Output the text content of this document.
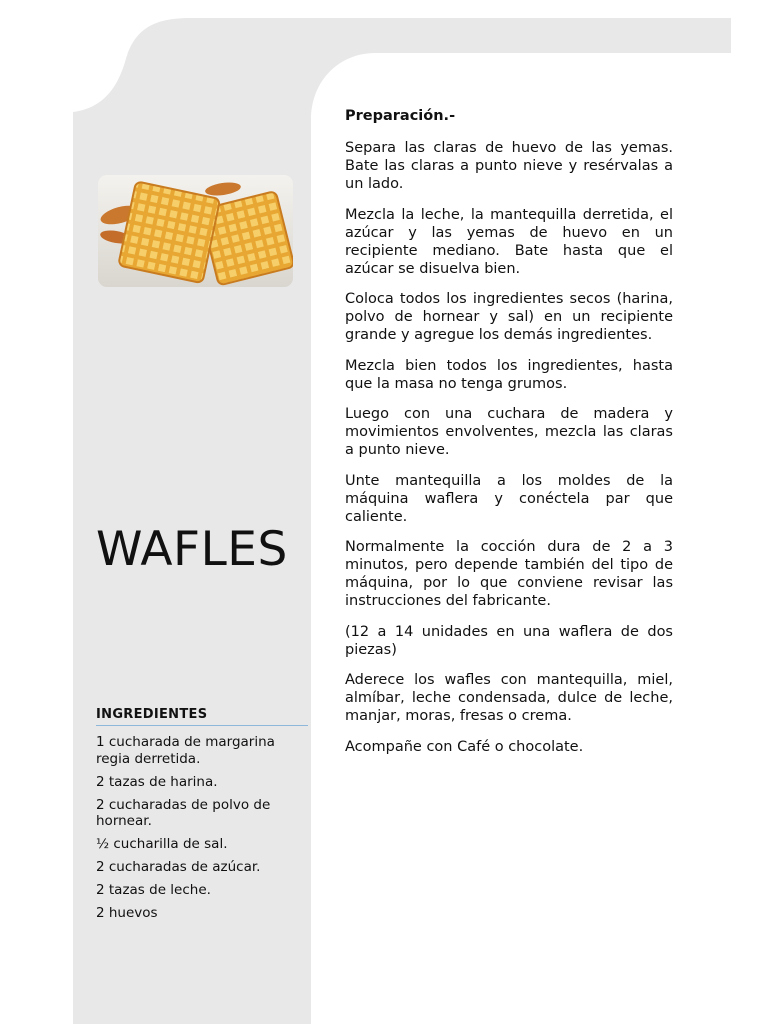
WAFLES
INGREDIENTES
1 cucharada de margarina regia derretida.
2 tazas de harina.
2 cucharadas de polvo de hornear.
½ cucharilla de sal.
2 cucharadas de azúcar.
2 tazas de leche.
2 huevos
Preparación.-

Separa las claras de huevo de las yemas. Bate las claras a punto nieve y resérvalas a un lado.

Mezcla la leche, la mantequilla derretida, el azúcar y las yemas de huevo en un recipiente mediano. Bate hasta que el azúcar se disuelva bien.

Coloca todos los ingredientes secos (harina, polvo de hornear y sal) en un recipiente grande y agregue los demás ingredientes.

Mezcla bien todos los ingredientes, hasta que la masa no tenga grumos.

Luego con una cuchara de madera y movimientos envolventes, mezcla las claras a punto nieve.

Unte mantequilla a los moldes de la máquina waflera y conéctela par que caliente.

Normalmente la cocción dura de 2 a 3 minutos, pero depende también del tipo de máquina, por lo que conviene revisar las instrucciones del fabricante.

(12 a 14 unidades en una waflera de dos piezas)

Aderece los wafles con mantequilla, miel, almíbar, leche condensada, dulce de leche, manjar, moras, fresas o crema.

Acompañe con Café o chocolate.
